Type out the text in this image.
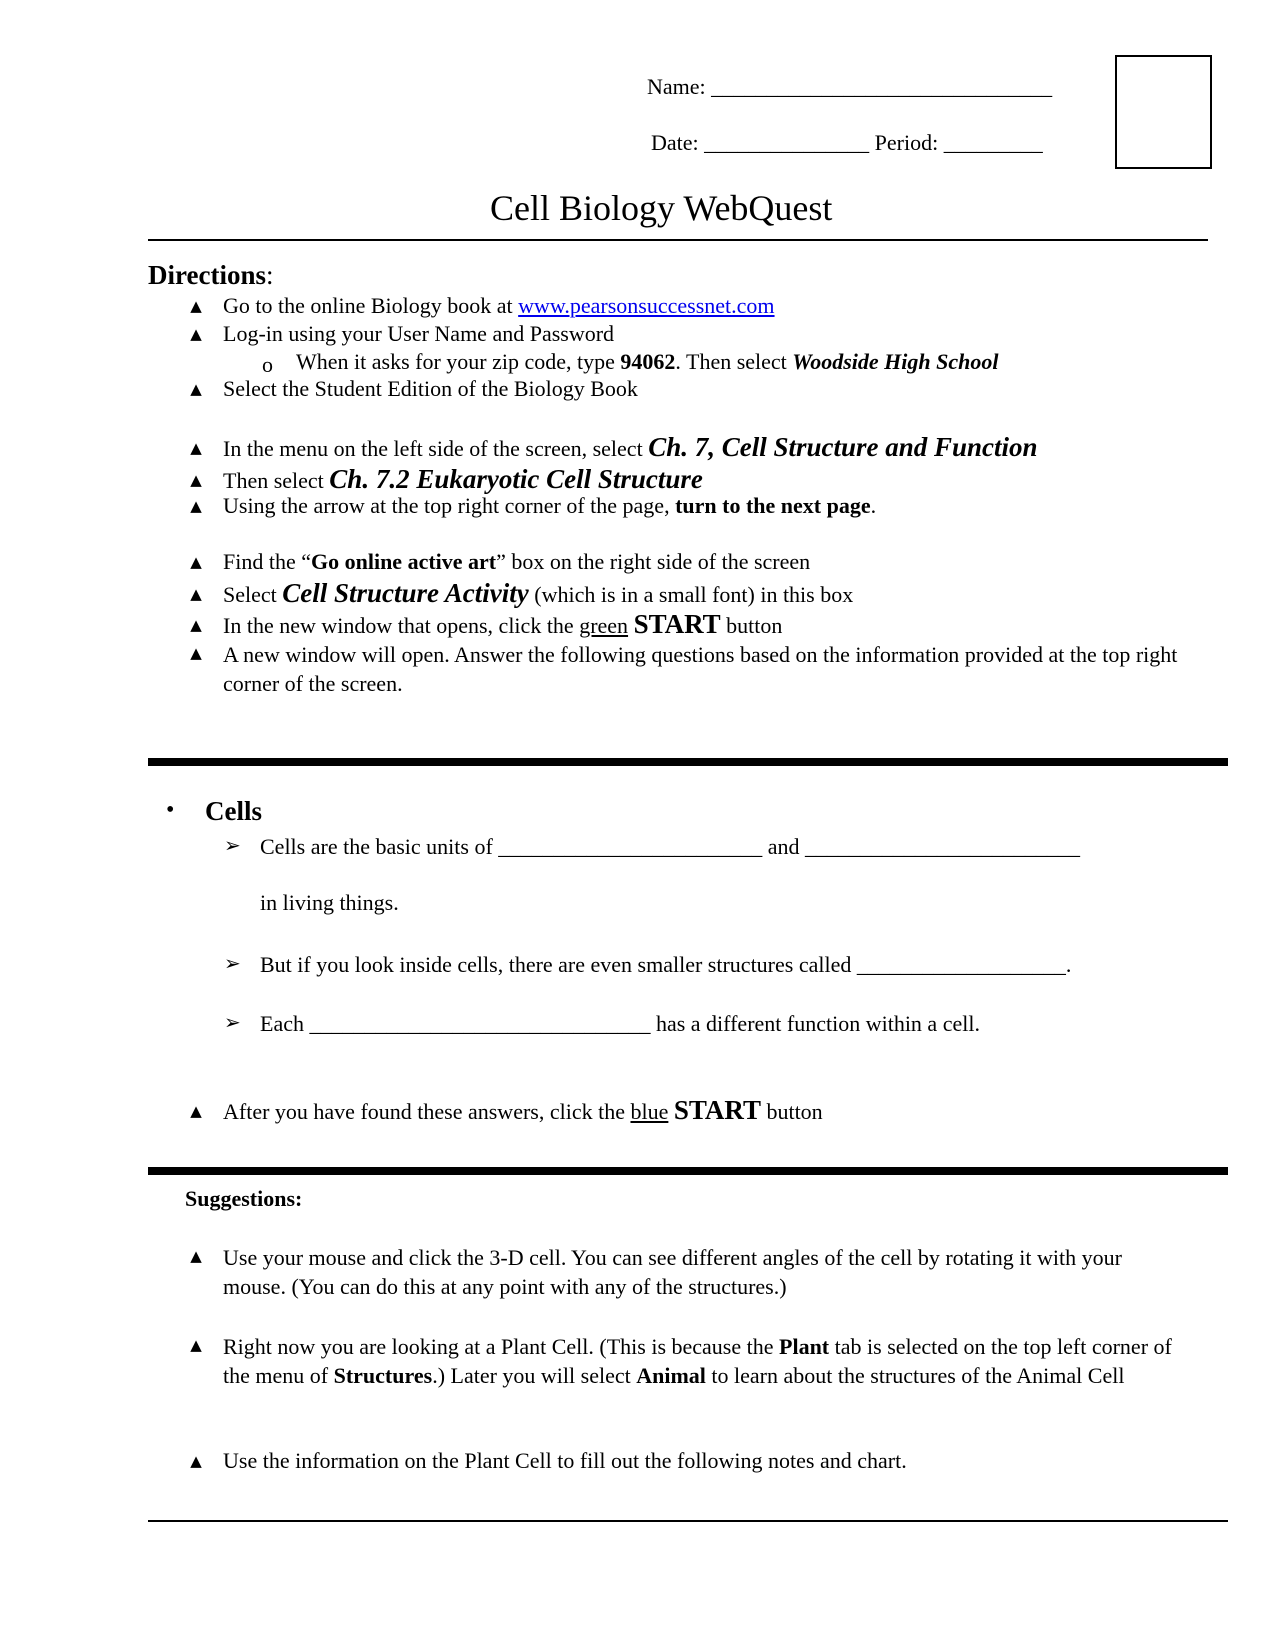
Name: _______________________________
Date: _______________ Period: _________
Cell Biology WebQuest
Directions:
▲ Go to the online Biology book at www.pearsonsuccessnet.com
▲ Log-in using your User Name and Password
o When it asks for your zip code, type 94062. Then select Woodside High School
▲ Select the Student Edition of the Biology Book
▲ In the menu on the left side of the screen, select Ch. 7, Cell Structure and Function
▲ Then select Ch. 7.2 Eukaryotic Cell Structure
▲ Using the arrow at the top right corner of the page, turn to the next page.
▲ Find the “Go online active art” box on the right side of the screen
▲ Select Cell Structure Activity (which is in a small font) in this box
▲ In the new window that opens, click the green START button
▲ A new window will open. Answer the following questions based on the information provided at the top right corner of the screen.
• Cells
➢ Cells are the basic units of ________________________ and _________________________
in living things.
➢ But if you look inside cells, there are even smaller structures called ___________________.
➢ Each _______________________________ has a different function within a cell.
▲ After you have found these answers, click the blue START button
Suggestions:
▲ Use your mouse and click the 3-D cell. You can see different angles of the cell by rotating it with your mouse. (You can do this at any point with any of the structures.)
▲ Right now you are looking at a Plant Cell. (This is because the Plant tab is selected on the top left corner of the menu of Structures.) Later you will select Animal to learn about the structures of the Animal Cell
▲ Use the information on the Plant Cell to fill out the following notes and chart.
